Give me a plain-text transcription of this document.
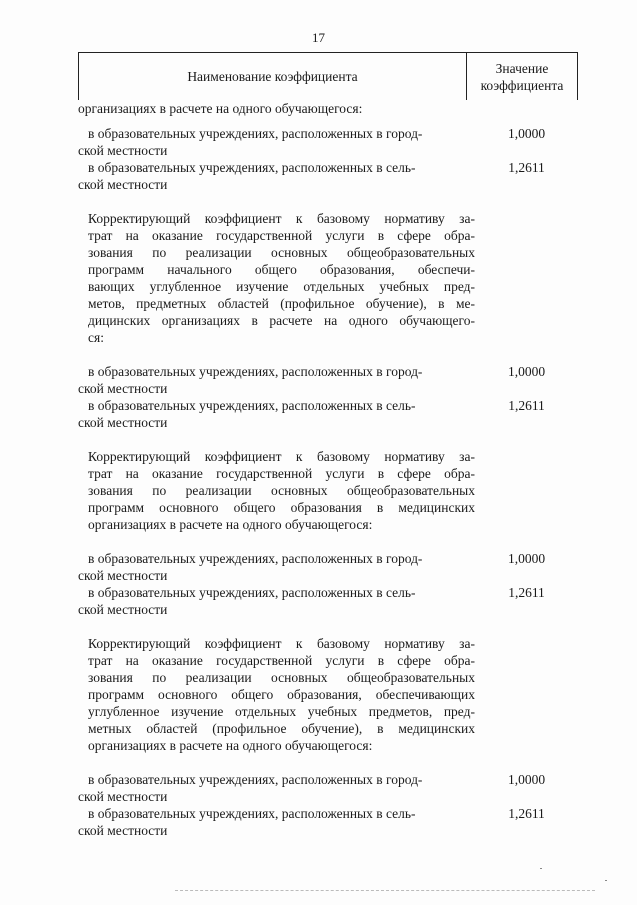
17
Наименование коэффициента
Значение
коэффициента
организациях в расчете на одного обучающегося:
в образовательных учреждениях, расположенных в город-
ской местности
1,0000
в образовательных учреждениях, расположенных в сель-
ской местности
1,2611
Корректирующий коэффициент к базовому нормативу за-
трат на оказание государственной услуги в сфере обра-
зования по реализации основных общеобразовательных
программ начального общего образования, обеспечи-
вающих углубленное изучение отдельных учебных пред-
метов, предметных областей (профильное обучение), в ме-
дицинских организациях в расчете на одного обучающего-
ся:
в образовательных учреждениях, расположенных в город-
ской местности
1,0000
в образовательных учреждениях, расположенных в сель-
ской местности
1,2611
Корректирующий коэффициент к базовому нормативу за-
трат на оказание государственной услуги в сфере обра-
зования по реализации основных общеобразовательных
программ основного общего образования в медицинских
организациях в расчете на одного обучающегося:
в образовательных учреждениях, расположенных в город-
ской местности
1,0000
в образовательных учреждениях, расположенных в сель-
ской местности
1,2611
Корректирующий коэффициент к базовому нормативу за-
трат на оказание государственной услуги в сфере обра-
зования по реализации основных общеобразовательных
программ основного общего образования, обеспечивающих
углубленное изучение отдельных учебных предметов, пред-
метных областей (профильное обучение), в медицинских
организациях в расчете на одного обучающегося:
в образовательных учреждениях, расположенных в город-
ской местности
1,0000
в образовательных учреждениях, расположенных в сель-
ской местности
1,2611
